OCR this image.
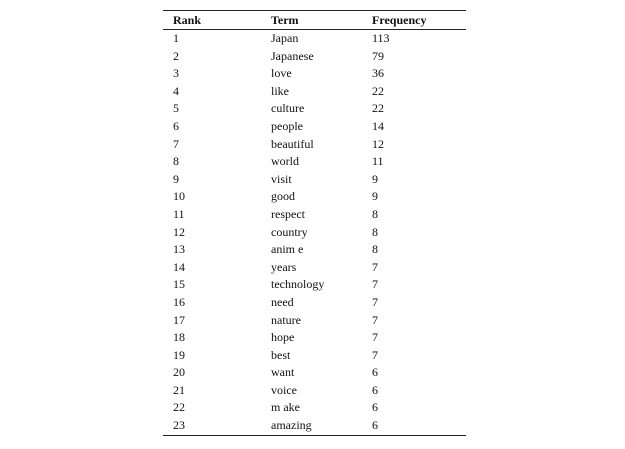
Rank	Term	Frequency
1	Japan	113
2	Japanese	79
3	love	36
4	like	22
5	culture	22
6	people	14
7	beautiful	12
8	world	11
9	visit	9
10	good	9
11	respect	8
12	country	8
13	anim e	8
14	years	7
15	technology	7
16	need	7
17	nature	7
18	hope	7
19	best	7
20	want	6
21	voice	6
22	m ake	6
23	amazing	6
